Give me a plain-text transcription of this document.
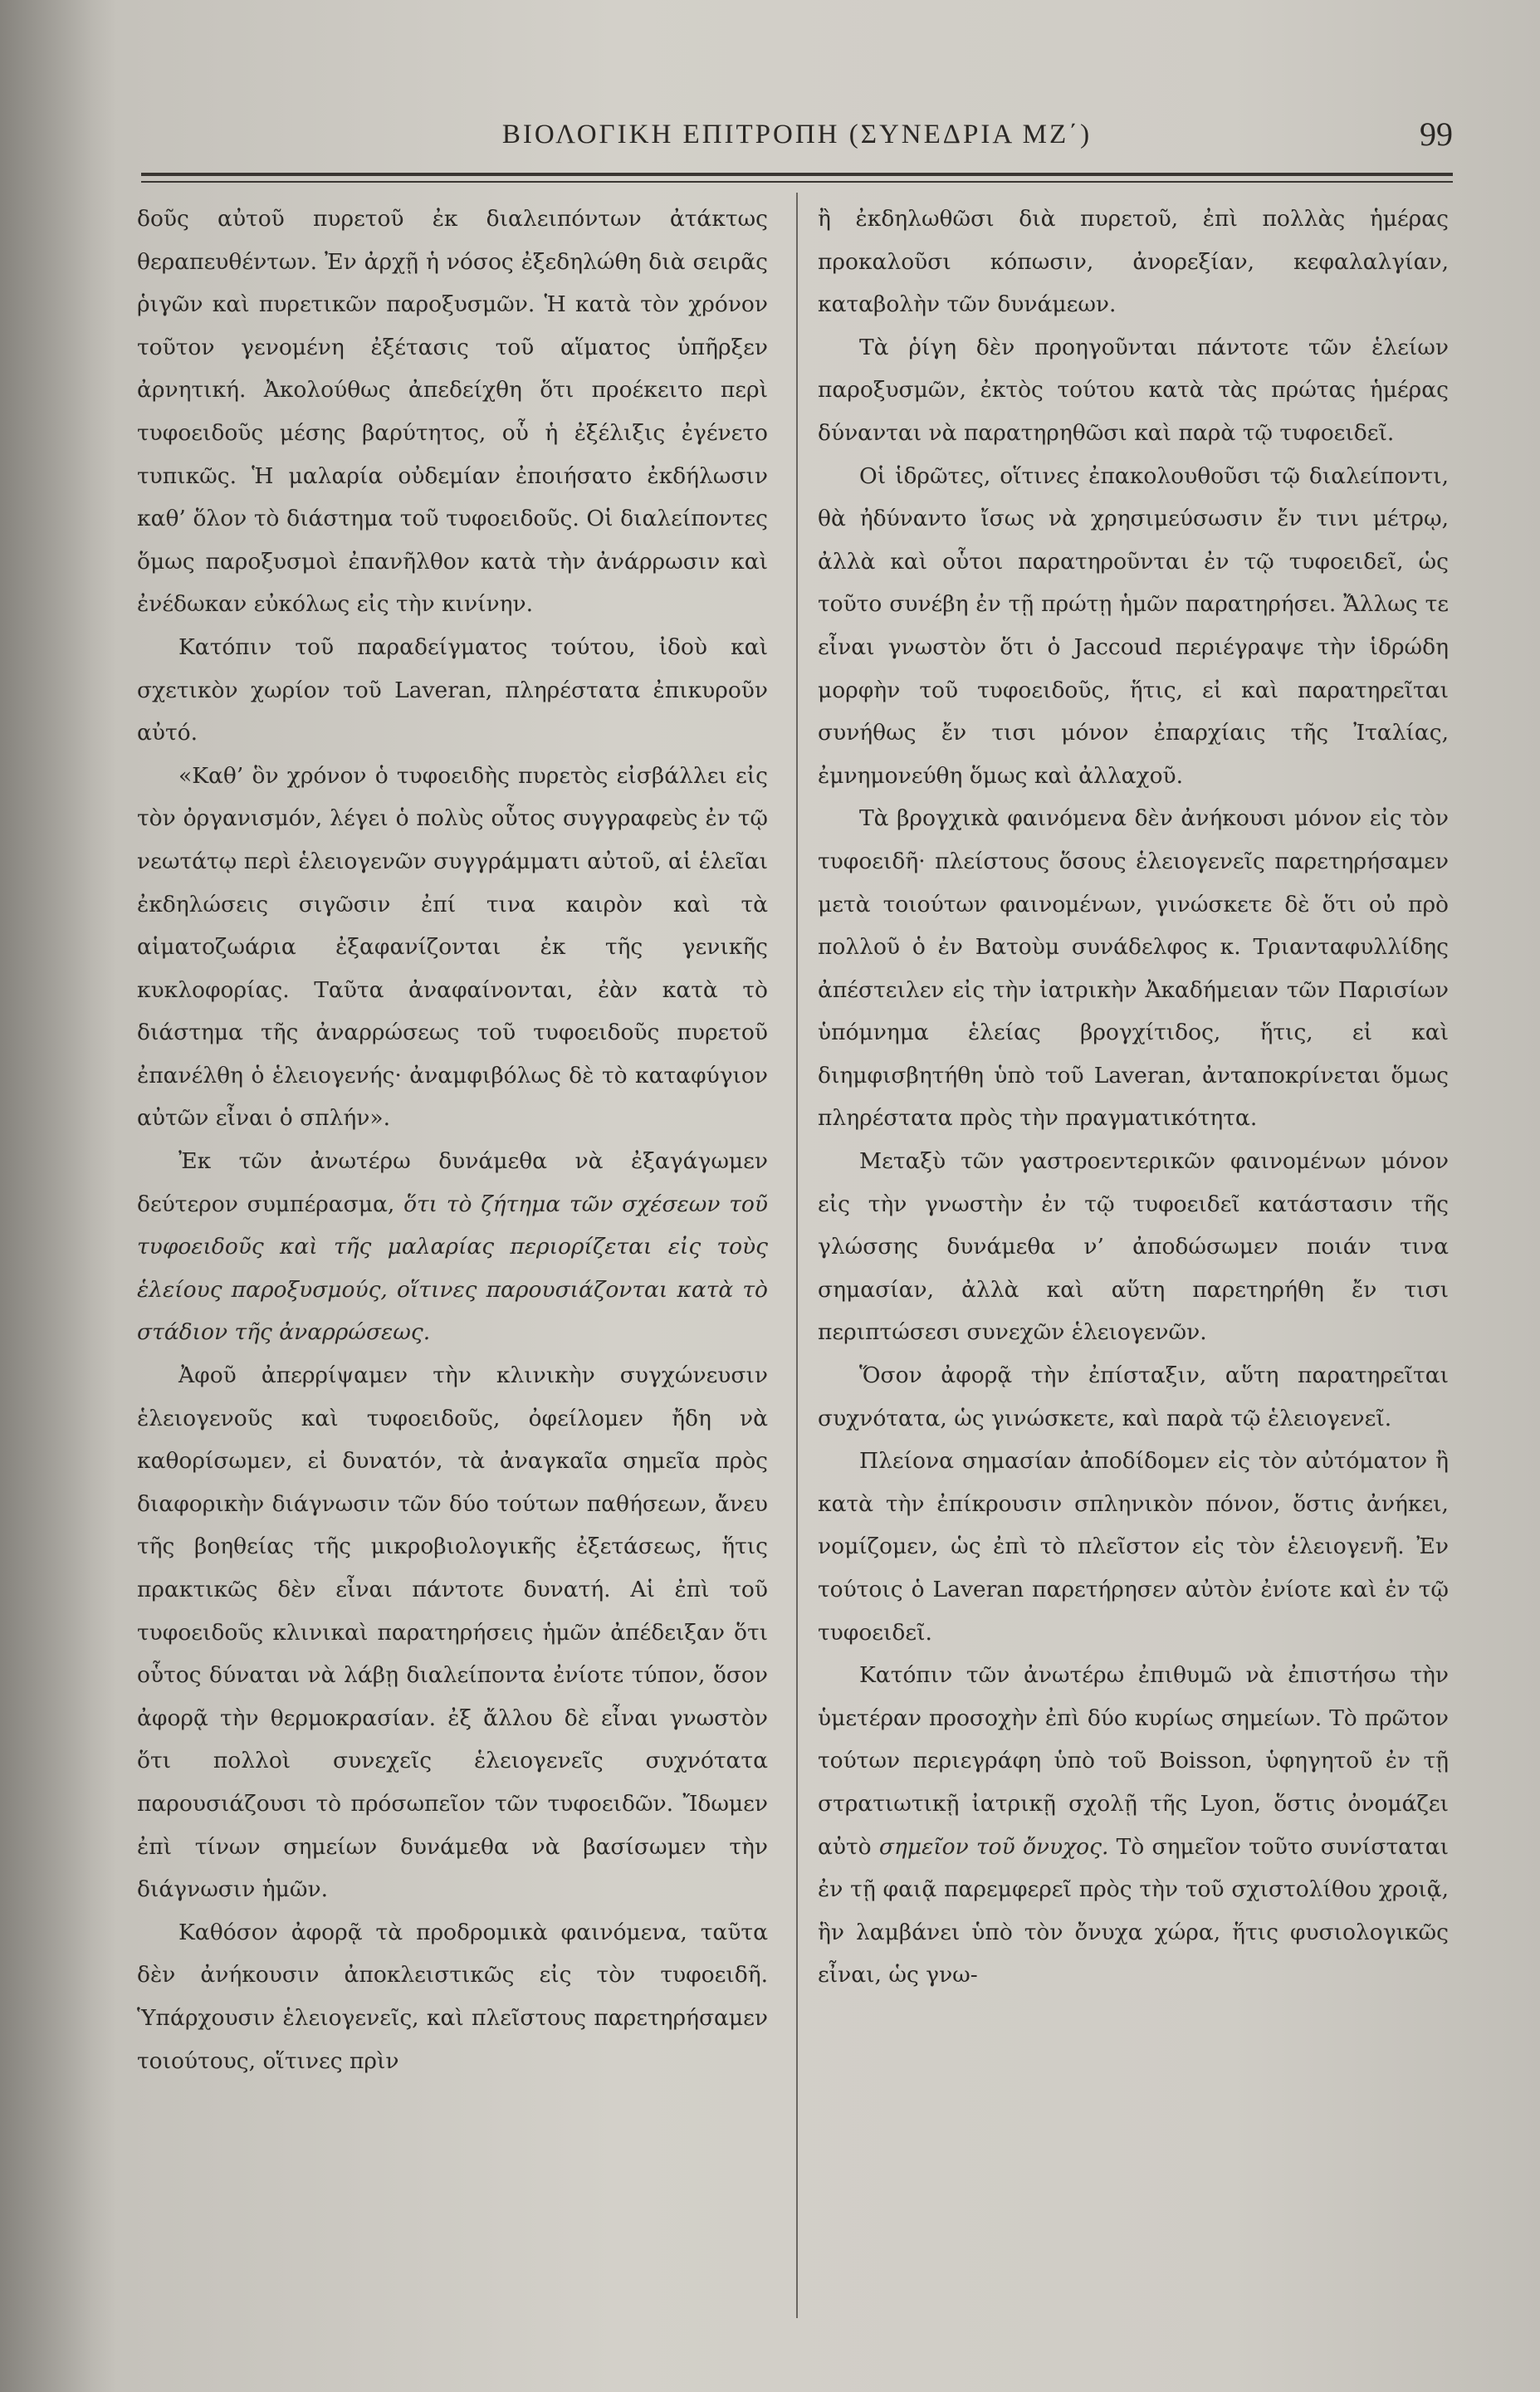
ΒΙΟΛΟΓΙΚΗ ΕΠΙΤΡΟΠΗ (ΣΥΝΕΔΡΙΑ ΜΖ΄)	99

δοῦς αὐτοῦ πυρετοῦ ἐκ διαλειπόντων ἀτάκτως θεραπευθέντων. Ἐν ἀρχῇ ἡ νόσος ἐξεδηλώθη διὰ σειρᾶς ῥιγῶν καὶ πυρετικῶν παροξυσμῶν. Ἡ κατὰ τὸν χρόνον τοῦτον γενομένη ἐξέτασις τοῦ αἵματος ὑπῆρξεν ἀρνητική. Ἀκολούθως ἀπεδείχθη ὅτι προέκειτο περὶ τυφοειδοῦς μέσης βαρύτητος, οὗ ἡ ἐξέλιξις ἐγένετο τυπικῶς. Ἡ μαλαρία οὐδεμίαν ἐποιήσατο ἐκδήλωσιν καθ’ ὅλον τὸ διάστημα τοῦ τυφοειδοῦς. Οἱ διαλείποντες ὅμως παροξυσμοὶ ἐπανῆλθον κατὰ τὴν ἀνάρρωσιν καὶ ἐνέδωκαν εὐκόλως εἰς τὴν κινίνην.

Κατόπιν τοῦ παραδείγματος τούτου, ἰδοὺ καὶ σχετικὸν χωρίον τοῦ Laveran, πληρέστατα ἐπικυροῦν αὐτό.

«Καθ’ ὃν χρόνον ὁ τυφοειδὴς πυρετὸς εἰσβάλλει εἰς τὸν ὀργανισμόν, λέγει ὁ πολὺς οὗτος συγγραφεὺς ἐν τῷ νεωτάτῳ περὶ ἑλειογενῶν συγγράμματι αὐτοῦ, αἱ ἑλεῖαι ἐκδηλώσεις σιγῶσιν ἐπί τινα καιρὸν καὶ τὰ αἱματοζωάρια ἐξαφανίζονται ἐκ τῆς γενικῆς κυκλοφορίας. Ταῦτα ἀναφαίνονται, ἐὰν κατὰ τὸ διάστημα τῆς ἀναρρώσεως τοῦ τυφοειδοῦς πυρετοῦ ἐπανέλθη ὁ ἑλειογενής· ἀναμφιβόλως δὲ τὸ καταφύγιον αὐτῶν εἶναι ὁ σπλήν».

Ἐκ τῶν ἀνωτέρω δυνάμεθα νὰ ἐξαγάγωμεν δεύτερον συμπέρασμα, ὅτι τὸ ζήτημα τῶν σχέσεων τοῦ τυφοειδοῦς καὶ τῆς μαλαρίας περιορίζεται εἰς τοὺς ἑλείους παροξυσμούς, οἵτινες παρουσιάζονται κατὰ τὸ στάδιον τῆς ἀναρρώσεως.

Ἀφοῦ ἀπερρίψαμεν τὴν κλινικὴν συγχώνευσιν ἑλειογενοῦς καὶ τυφοειδοῦς, ὀφείλομεν ἤδη νὰ καθορίσωμεν, εἰ δυνατόν, τὰ ἀναγκαῖα σημεῖα πρὸς διαφορικὴν διάγνωσιν τῶν δύο τούτων παθήσεων, ἄνευ τῆς βοηθείας τῆς μικροβιολογικῆς ἐξετάσεως, ἥτις πρακτικῶς δὲν εἶναι πάντοτε δυνατή. Αἱ ἐπὶ τοῦ τυφοειδοῦς κλινικαὶ παρατηρήσεις ἡμῶν ἀπέδειξαν ὅτι οὗτος δύναται νὰ λάβῃ διαλείποντα ἐνίοτε τύπον, ὅσον ἀφορᾷ τὴν θερμοκρασίαν. ἐξ ἄλλου δὲ εἶναι γνωστὸν ὅτι πολλοὶ συνεχεῖς ἑλειογενεῖς συχνότατα παρουσιάζουσι τὸ πρόσωπεῖον τῶν τυφοειδῶν. Ἴδωμεν ἐπὶ τίνων σημείων δυνάμεθα νὰ βασίσωμεν τὴν διάγνωσιν ἡμῶν.

Καθόσον ἀφορᾷ τὰ προδρομικὰ φαινόμενα, ταῦτα δὲν ἀνήκουσιν ἀποκλειστικῶς εἰς τὸν τυφοειδῆ. Ὑπάρχουσιν ἑλειογενεῖς, καὶ πλεῖστους παρετηρήσαμεν τοιούτους, οἵτινες πρὶν

ἢ ἐκδηλωθῶσι διὰ πυρετοῦ, ἐπὶ πολλὰς ἡμέρας προκαλοῦσι κόπωσιν, ἀνορεξίαν, κεφαλαλγίαν, καταβολὴν τῶν δυνάμεων.

Τὰ ῥίγη δὲν προηγοῦνται πάντοτε τῶν ἑλείων παροξυσμῶν, ἐκτὸς τούτου κατὰ τὰς πρώτας ἡμέρας δύνανται νὰ παρατηρηθῶσι καὶ παρὰ τῷ τυφοειδεῖ.

Οἱ ἱδρῶτες, οἵτινες ἐπακολουθοῦσι τῷ διαλείποντι, θὰ ἠδύναντο ἴσως νὰ χρησιμεύσωσιν ἔν τινι μέτρῳ, ἀλλὰ καὶ οὗτοι παρατηροῦνται ἐν τῷ τυφοειδεῖ, ὡς τοῦτο συνέβη ἐν τῇ πρώτῃ ἡμῶν παρατηρήσει. Ἄλλως τε εἶναι γνωστὸν ὅτι ὁ Jaccoud περιέγραψε τὴν ἱδρώδη μορφὴν τοῦ τυφοειδοῦς, ἥτις, εἰ καὶ παρατηρεῖται συνήθως ἔν τισι μόνον ἐπαρχίαις τῆς Ἰταλίας, ἐμνημονεύθη ὅμως καὶ ἀλλαχοῦ.

Τὰ βρογχικὰ φαινόμενα δὲν ἀνήκουσι μόνον εἰς τὸν τυφοειδῆ· πλείστους ὅσους ἑλειογενεῖς παρετηρήσαμεν μετὰ τοιούτων φαινομένων, γινώσκετε δὲ ὅτι οὐ πρὸ πολλοῦ ὁ ἐν Βατοὺμ συνάδελφος κ. Τριανταφυλλίδης ἀπέστειλεν εἰς τὴν ἰατρικὴν Ἀκαδήμειαν τῶν Παρισίων ὑπόμνημα ἑλείας βρογχίτιδος, ἥτις, εἰ καὶ διημφισβητήθη ὑπὸ τοῦ Laveran, ἀνταποκρίνεται ὅμως πληρέστατα πρὸς τὴν πραγματικότητα.

Μεταξὺ τῶν γαστροεντερικῶν φαινομένων μόνον εἰς τὴν γνωστὴν ἐν τῷ τυφοειδεῖ κατάστασιν τῆς γλώσσης δυνάμεθα ν’ ἀποδώσωμεν ποιάν τινα σημασίαν, ἀλλὰ καὶ αὕτη παρετηρήθη ἔν τισι περιπτώσεσι συνεχῶν ἑλειογενῶν.

Ὅσον ἀφορᾷ τὴν ἐπίσταξιν, αὕτη παρατηρεῖται συχνότατα, ὡς γινώσκετε, καὶ παρὰ τῷ ἑλειογενεῖ.

Πλείονα σημασίαν ἀποδίδομεν εἰς τὸν αὐτόματον ἢ κατὰ τὴν ἐπίκρουσιν σπληνικὸν πόνον, ὅστις ἀνήκει, νομίζομεν, ὡς ἐπὶ τὸ πλεῖστον εἰς τὸν ἑλειογενῆ. Ἐν τούτοις ὁ Laveran παρετήρησεν αὐτὸν ἐνίοτε καὶ ἐν τῷ τυφοειδεῖ.

Κατόπιν τῶν ἀνωτέρω ἐπιθυμῶ νὰ ἐπιστήσω τὴν ὑμετέραν προσοχὴν ἐπὶ δύο κυρίως σημείων. Τὸ πρῶτον τούτων περιεγράφη ὑπὸ τοῦ Boisson, ὑφηγητοῦ ἐν τῇ στρατιωτικῇ ἰατρικῇ σχολῇ τῆς Lyon, ὅστις ὀνομάζει αὐτὸ σημεῖον τοῦ ὄνυχος. Τὸ σημεῖον τοῦτο συνίσταται ἐν τῇ φαιᾷ παρεμφερεῖ πρὸς τὴν τοῦ σχιστολίθου χροιᾷ, ἣν λαμβάνει ὑπὸ τὸν ὄνυχα χώρα, ἥτις φυσιολογικῶς εἶναι, ὡς γνω-
